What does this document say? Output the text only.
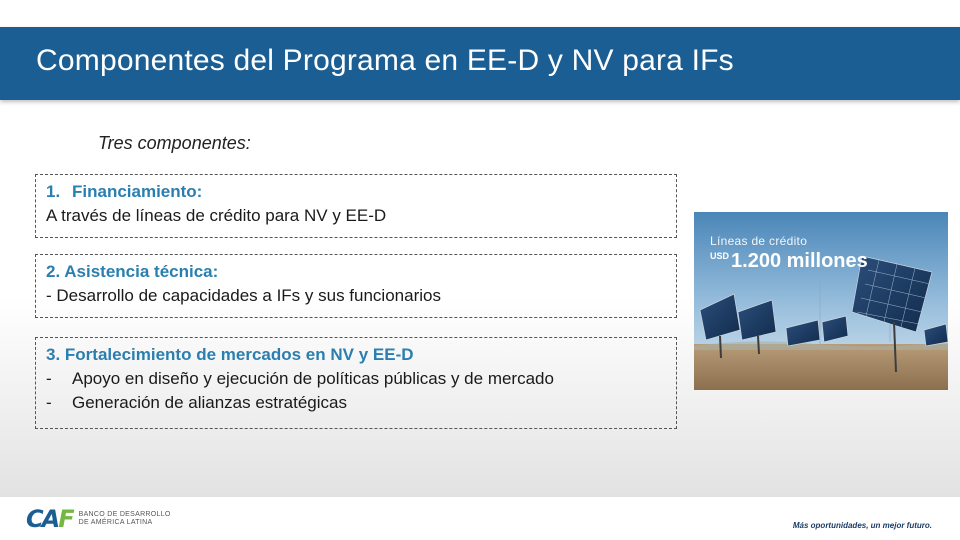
Componentes del Programa en EE-D y NV para IFs
Tres componentes:
1. Financiamiento:
A través de líneas de crédito para NV y EE-D
2. Asistencia técnica:
- Desarrollo de capacidades a IFs y sus funcionarios
3. Fortalecimiento de mercados en NV y EE-D
-	Apoyo en diseño y ejecución de políticas públicas y de mercado
-	Generación de alianzas estratégicas
Líneas de crédito
$^{USD}$ 1.200 millones
CAF BANCO DE DESARROLLO
DE AMÉRICA LATINA	Más oportunidades, un mejor futuro.
